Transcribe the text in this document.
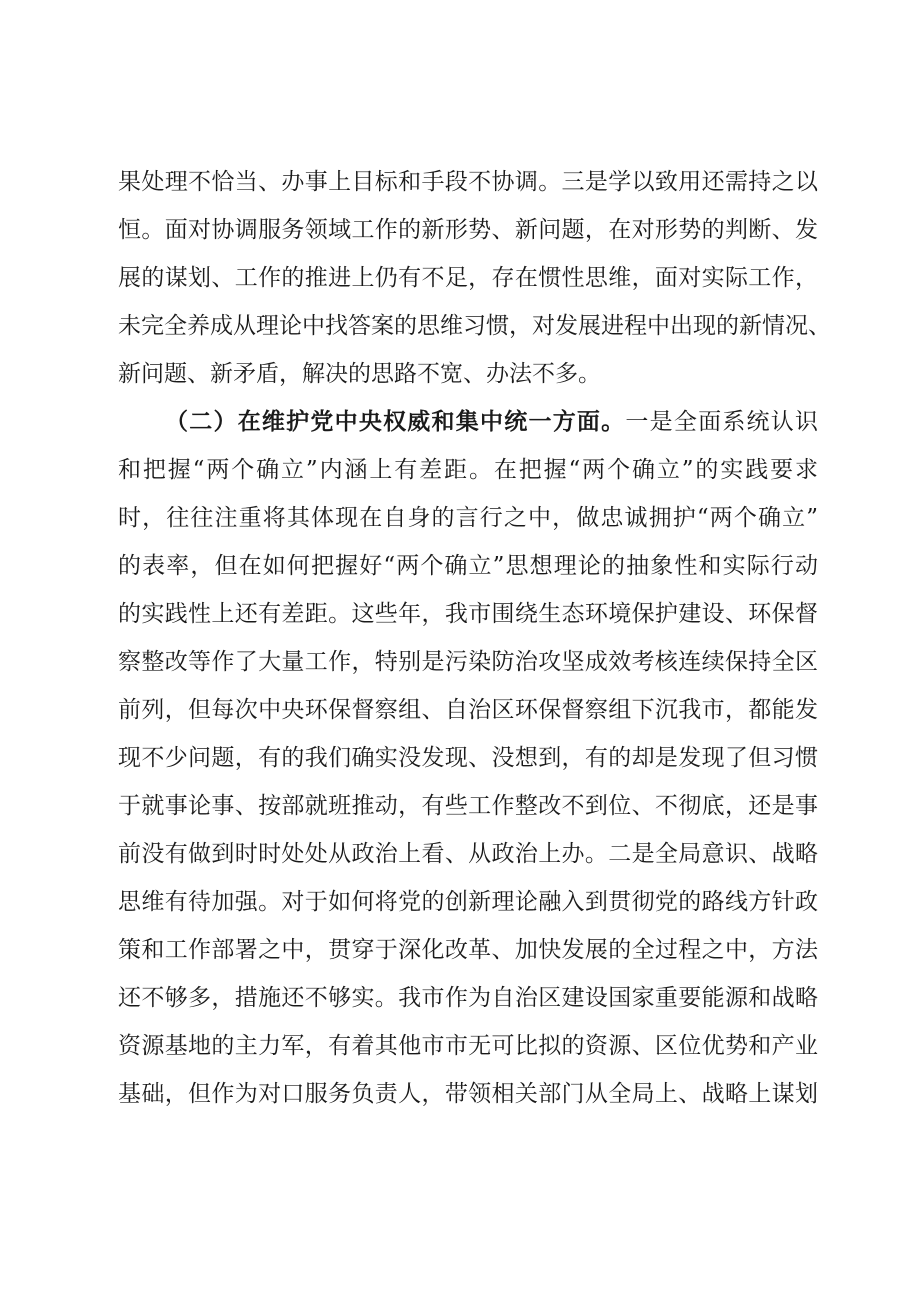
果处理不恰当、办事上目标和手段不协调。三是学以致用还需持之以
恒。面对协调服务领域工作的新形势、新问题，在对形势的判断、发
展的谋划、工作的推进上仍有不足，存在惯性思维，面对实际工作，
未完全养成从理论中找答案的思维习惯，对发展进程中出现的新情况、
新问题、新矛盾，解决的思路不宽、办法不多。
（二）在维护党中央权威和集中统一方面。一是全面系统认识
和把握“两个确立”内涵上有差距。在把握“两个确立”的实践要求
时，往往注重将其体现在自身的言行之中，做忠诚拥护“两个确立”
的表率，但在如何把握好“两个确立”思想理论的抽象性和实际行动
的实践性上还有差距。这些年，我市围绕生态环境保护建设、环保督
察整改等作了大量工作，特别是污染防治攻坚成效考核连续保持全区
前列，但每次中央环保督察组、自治区环保督察组下沉我市，都能发
现不少问题，有的我们确实没发现、没想到，有的却是发现了但习惯
于就事论事、按部就班推动，有些工作整改不到位、不彻底，还是事
前没有做到时时处处从政治上看、从政治上办。二是全局意识、战略
思维有待加强。对于如何将党的创新理论融入到贯彻党的路线方针政
策和工作部署之中，贯穿于深化改革、加快发展的全过程之中，方法
还不够多，措施还不够实。我市作为自治区建设国家重要能源和战略
资源基地的主力军，有着其他市市无可比拟的资源、区位优势和产业
基础，但作为对口服务负责人，带领相关部门从全局上、战略上谋划
